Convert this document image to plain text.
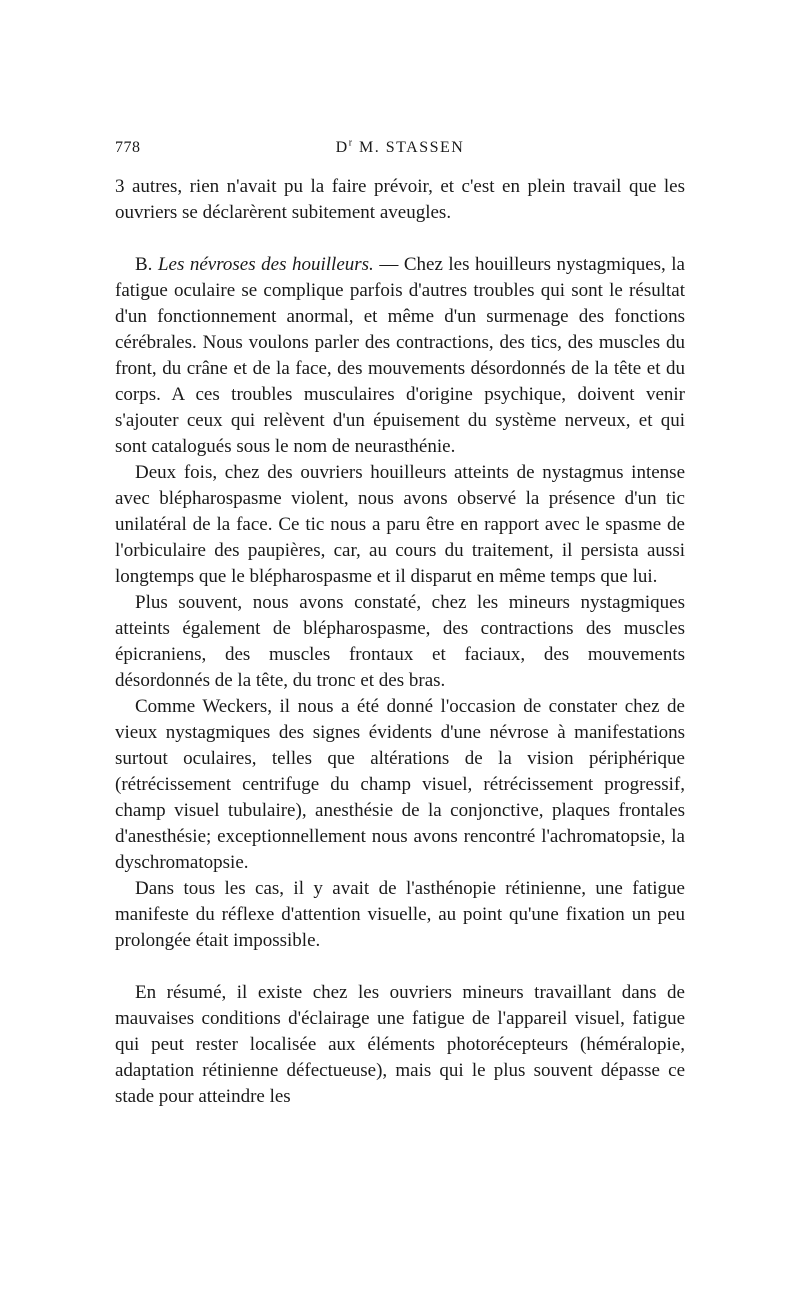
778	$D^r$ M. STASSEN

3 autres, rien n'avait pu la faire prévoir, et c'est en plein travail que les ouvriers se déclarèrent subitement aveugles.

B. Les névroses des houilleurs. — Chez les houilleurs nystagmiques, la fatigue oculaire se complique parfois d'autres troubles qui sont le résultat d'un fonctionnement anormal, et même d'un surmenage des fonctions cérébrales. Nous voulons parler des contractions, des tics, des muscles du front, du crâne et de la face, des mouvements désordonnés de la tête et du corps. A ces troubles musculaires d'origine psychique, doivent venir s'ajouter ceux qui relèvent d'un épuisement du système nerveux, et qui sont catalogués sous le nom de neurasthénie.

Deux fois, chez des ouvriers houilleurs atteints de nystagmus intense avec blépharospasme violent, nous avons observé la présence d'un tic unilatéral de la face. Ce tic nous a paru être en rapport avec le spasme de l'orbiculaire des paupières, car, au cours du traitement, il persista aussi longtemps que le blépharospasme et il disparut en même temps que lui.

Plus souvent, nous avons constaté, chez les mineurs nystagmiques atteints également de blépharospasme, des contractions des muscles épicraniens, des muscles frontaux et faciaux, des mouvements désordonnés de la tête, du tronc et des bras.

Comme Weckers, il nous a été donné l'occasion de constater chez de vieux nystagmiques des signes évidents d'une névrose à manifestations surtout oculaires, telles que altérations de la vision périphérique (rétrécissement centrifuge du champ visuel, rétrécissement progressif, champ visuel tubulaire), anesthésie de la conjonctive, plaques frontales d'anesthésie; exceptionnellement nous avons rencontré l'achromatopsie, la dyschromatopsie.

Dans tous les cas, il y avait de l'asthénopie rétinienne, une fatigue manifeste du réflexe d'attention visuelle, au point qu'une fixation un peu prolongée était impossible.

En résumé, il existe chez les ouvriers mineurs travaillant dans de mauvaises conditions d'éclairage une fatigue de l'appareil visuel, fatigue qui peut rester localisée aux éléments photorécepteurs (héméralopie, adaptation rétinienne défectueuse), mais qui le plus souvent dépasse ce stade pour atteindre les
